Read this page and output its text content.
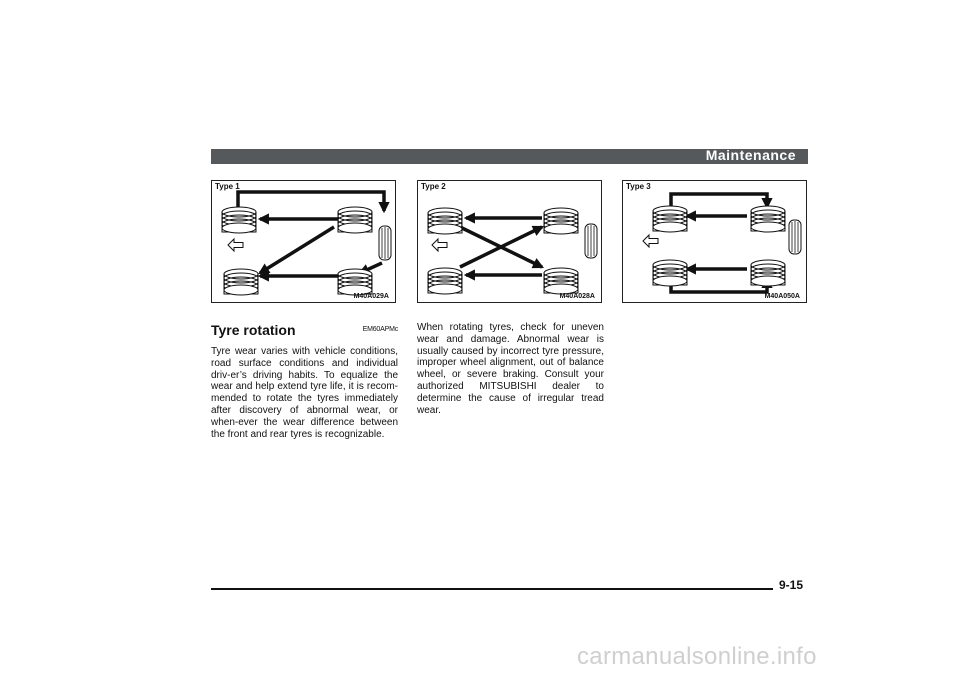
Maintenance
Type 1
M40A029A
Type 2
M40A028A
Type 3
M40A050A
Tyre rotation	EM60APMc

Tyre wear varies with vehicle conditions, road surface conditions and individual driv-er’s driving habits. To equalize the wear and help extend tyre life, it is recom-mended to rotate the tyres immediately after discovery of abnormal wear, or when-ever the wear difference between the front and rear tyres is recognizable.

When rotating tyres, check for uneven wear and damage. Abnormal wear is usually caused by incorrect tyre pressure, improper wheel alignment, out of balance wheel, or severe braking. Consult your authorized MITSUBISHI dealer to determine the cause of irregular tread wear.

9-15
carmanualsonline.info
